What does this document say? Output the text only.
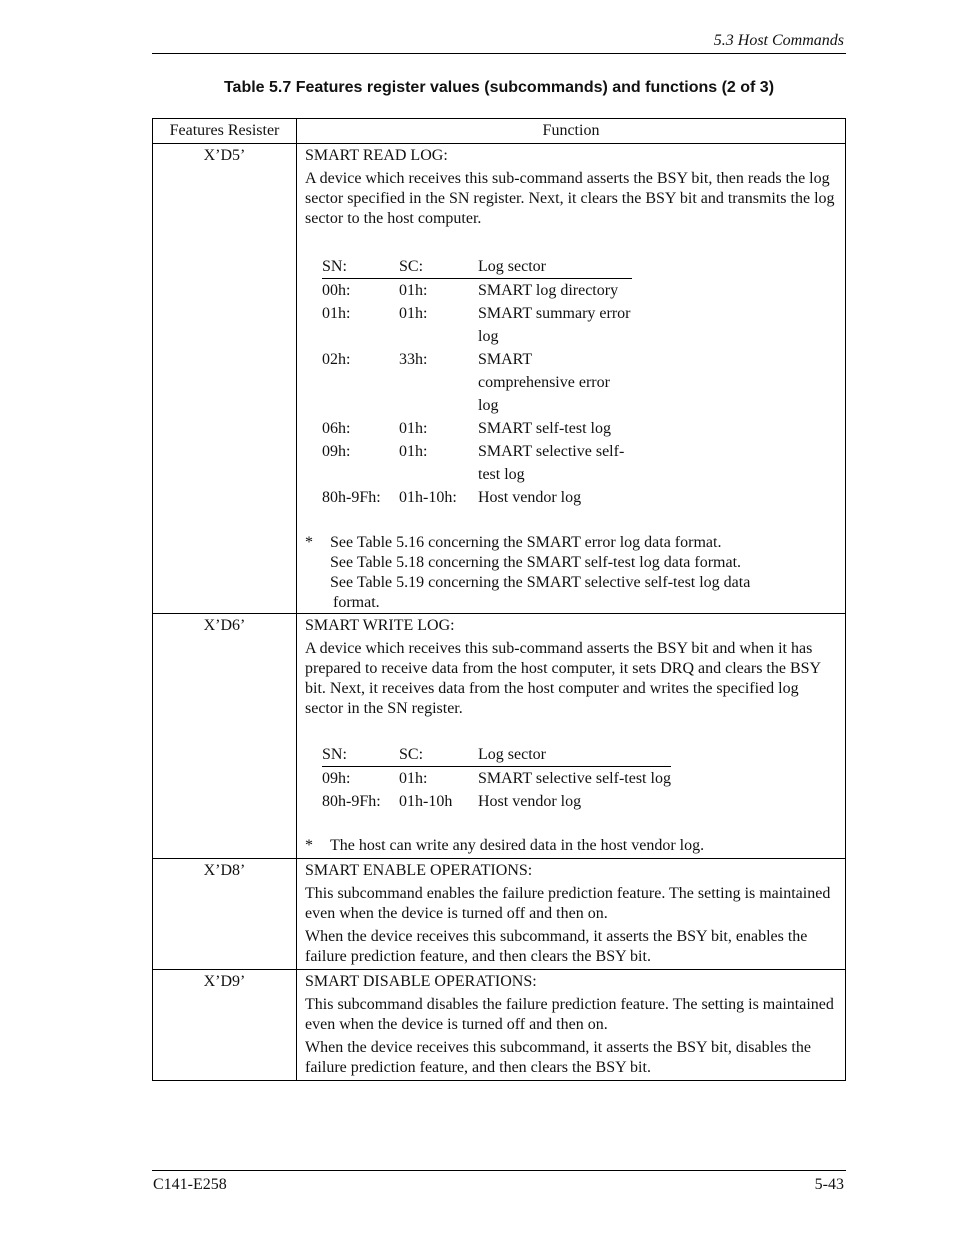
5.3 Host Commands
Table 5.7 Features register values (subcommands) and functions (2 of 3)
Features Resister	Function

X’D5’	SMART READ LOG:

A device which receives this sub-command asserts the BSY bit, then reads the log sector specified in the SN register. Next, it clears the BSY bit and transmits the log sector to the host computer.

SN:	SC:	Log sector
00h:	01h:	SMART log directory
01h:	01h:	SMART summary error log
02h:	33h:	SMART comprehensive error log
06h:	01h:	SMART self-test log
09h:	01h:	SMART selective self-test log
80h-9Fh:	01h-10h:	Host vendor log
*	See Table 5.16 concerning the SMART error log data format.
See Table 5.18 concerning the SMART self-test log data format.
See Table 5.19 concerning the SMART selective self-test log data
format.

X’D6’	SMART WRITE LOG:

A device which receives this sub-command asserts the BSY bit and when it has prepared to receive data from the host computer, it sets DRQ and clears the BSY bit. Next, it receives data from the host computer and writes the specified log sector in the SN register.

SN:	SC:	Log sector
09h:	01h:	SMART selective self-test log
80h-9Fh:	01h-10h	Host vendor log
*	The host can write any desired data in the host vendor log.

X’D8’	SMART ENABLE OPERATIONS:

This subcommand enables the failure prediction feature. The setting is maintained even when the device is turned off and then on.

When the device receives this subcommand, it asserts the BSY bit, enables the failure prediction feature, and then clears the BSY bit.

X’D9’	SMART DISABLE OPERATIONS:

This subcommand disables the failure prediction feature. The setting is maintained even when the device is turned off and then on.

When the device receives this subcommand, it asserts the BSY bit, disables the failure prediction feature, and then clears the BSY bit.

C141-E258	5-43
